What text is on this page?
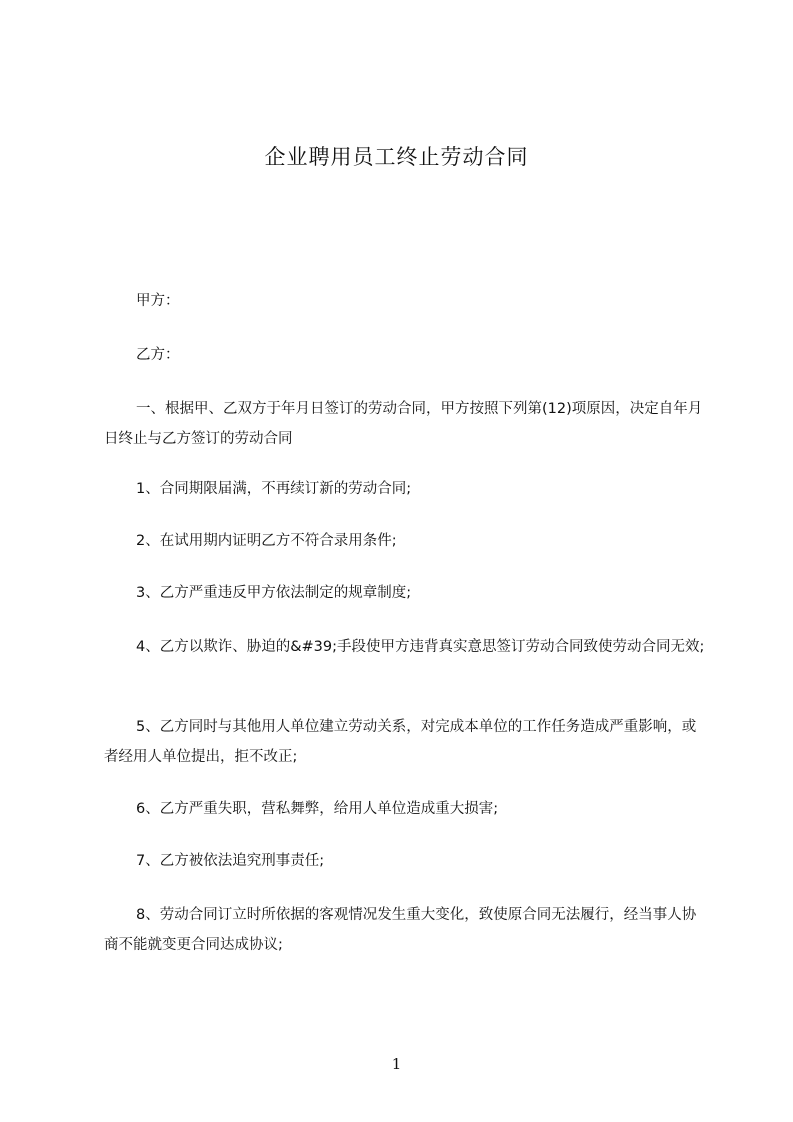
企业聘用员工终止劳动合同

甲方：

乙方：

一、根据甲、乙双方于年月日签订的劳动合同，甲方按照下列第(12)项原因，决定自年月日终止与乙方签订的劳动合同

1、合同期限届满，不再续订新的劳动合同;

2、在试用期内证明乙方不符合录用条件;

3、乙方严重违反甲方依法制定的规章制度;

4、乙方以欺诈、胁迫的&#39;手段使甲方违背真实意思签订劳动合同致使劳动合同无效;

5、乙方同时与其他用人单位建立劳动关系，对完成本单位的工作任务造成严重影响，或者经用人单位提出，拒不改正;

6、乙方严重失职，营私舞弊，给用人单位造成重大损害;

7、乙方被依法追究刑事责任;

8、劳动合同订立时所依据的客观情况发生重大变化，致使原合同无法履行，经当事人协商不能就变更合同达成协议;

1
